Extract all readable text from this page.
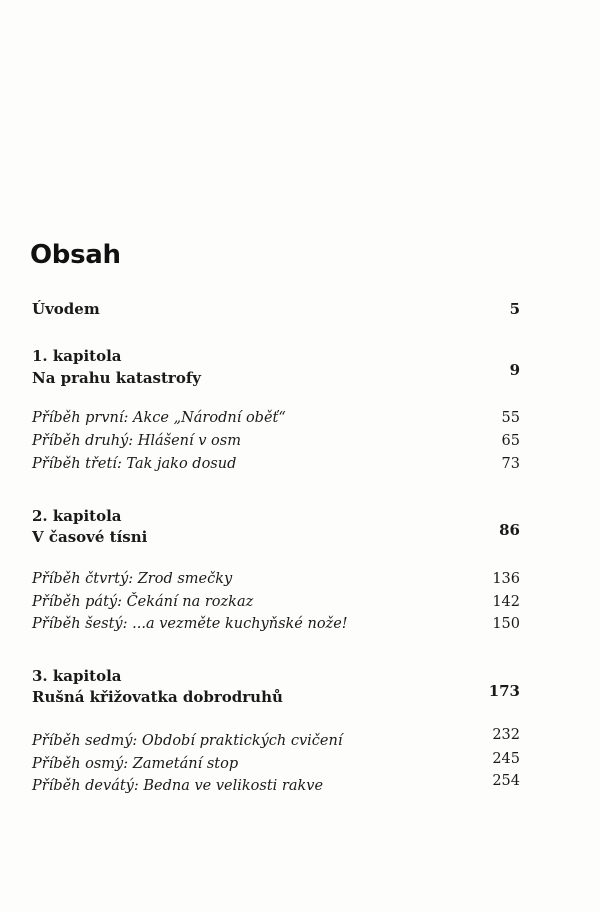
Obsah
Úvodem	5
1. kapitola
Na prahu katastrofy	9
Příběh první: Akce „Národní oběť“	55
Příběh druhý: Hlášení v osm	65
Příběh třetí: Tak jako dosud	73
2. kapitola
V časové tísni	86
Příběh čtvrtý: Zrod smečky	136
Příběh pátý: Čekání na rozkaz	142
Příběh šestý: ...a vezměte kuchyňské nože!	150
3. kapitola
Rušná křižovatka dobrodruhů	173
Příběh sedmý: Období praktických cvičení	232
Příběh osmý: Zametání stop	245
Příběh devátý: Bedna ve velikosti rakve	254
